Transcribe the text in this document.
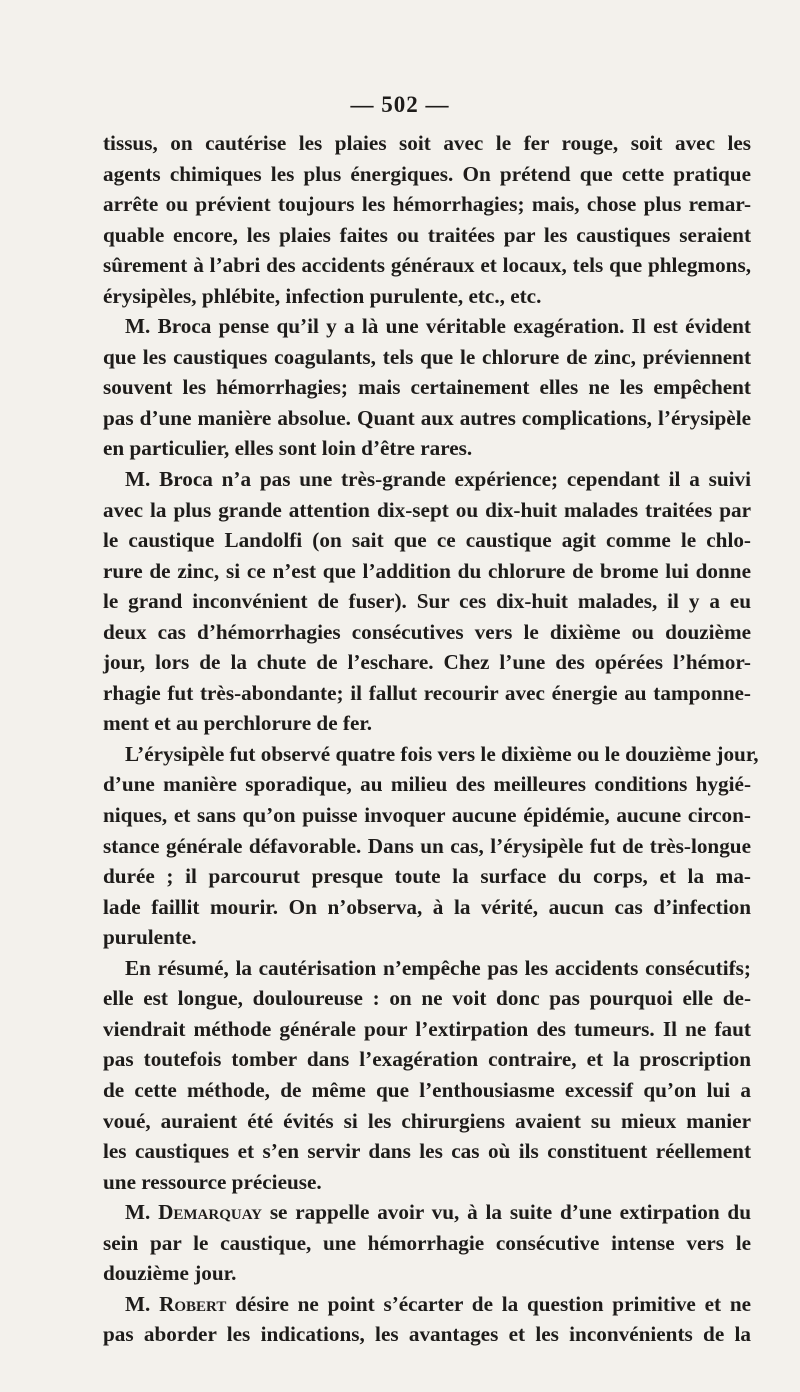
— 502 —
tissus, on cautérise les plaies soit avec le fer rouge, soit avec les
agents chimiques les plus énergiques. On prétend que cette pratique
arrête ou prévient toujours les hémorrhagies; mais, chose plus remar-
quable encore, les plaies faites ou traitées par les caustiques seraient
sûrement à l’abri des accidents généraux et locaux, tels que phlegmons,
érysipèles, phlébite, infection purulente, etc., etc.
M. Broca pense qu’il y a là une véritable exagération. Il est évident
que les caustiques coagulants, tels que le chlorure de zinc, préviennent
souvent les hémorrhagies; mais certainement elles ne les empêchent
pas d’une manière absolue. Quant aux autres complications, l’érysipèle
en particulier, elles sont loin d’être rares.
M. Broca n’a pas une très-grande expérience; cependant il a suivi
avec la plus grande attention dix-sept ou dix-huit malades traitées par
le caustique Landolfi (on sait que ce caustique agit comme le chlo-
rure de zinc, si ce n’est que l’addition du chlorure de brome lui donne
le grand inconvénient de fuser). Sur ces dix-huit malades, il y a eu
deux cas d’hémorrhagies consécutives vers le dixième ou douzième
jour, lors de la chute de l’eschare. Chez l’une des opérées l’hémor-
rhagie fut très-abondante; il fallut recourir avec énergie au tamponne-
ment et au perchlorure de fer.
L’érysipèle fut observé quatre fois vers le dixième ou le douzième jour,
d’une manière sporadique, au milieu des meilleures conditions hygié-
niques, et sans qu’on puisse invoquer aucune épidémie, aucune circon-
stance générale défavorable. Dans un cas, l’érysipèle fut de très-longue
durée ; il parcourut presque toute la surface du corps, et la ma-
lade faillit mourir. On n’observa, à la vérité, aucun cas d’infection
purulente.
En résumé, la cautérisation n’empêche pas les accidents consécutifs;
elle est longue, douloureuse : on ne voit donc pas pourquoi elle de-
viendrait méthode générale pour l’extirpation des tumeurs. Il ne faut
pas toutefois tomber dans l’exagération contraire, et la proscription
de cette méthode, de même que l’enthousiasme excessif qu’on lui a
voué, auraient été évités si les chirurgiens avaient su mieux manier
les caustiques et s’en servir dans les cas où ils constituent réellement
une ressource précieuse.
M. Demarquay se rappelle avoir vu, à la suite d’une extirpation du
sein par le caustique, une hémorrhagie consécutive intense vers le
douzième jour.
M. Robert désire ne point s’écarter de la question primitive et ne
pas aborder les indications, les avantages et les inconvénients de la
